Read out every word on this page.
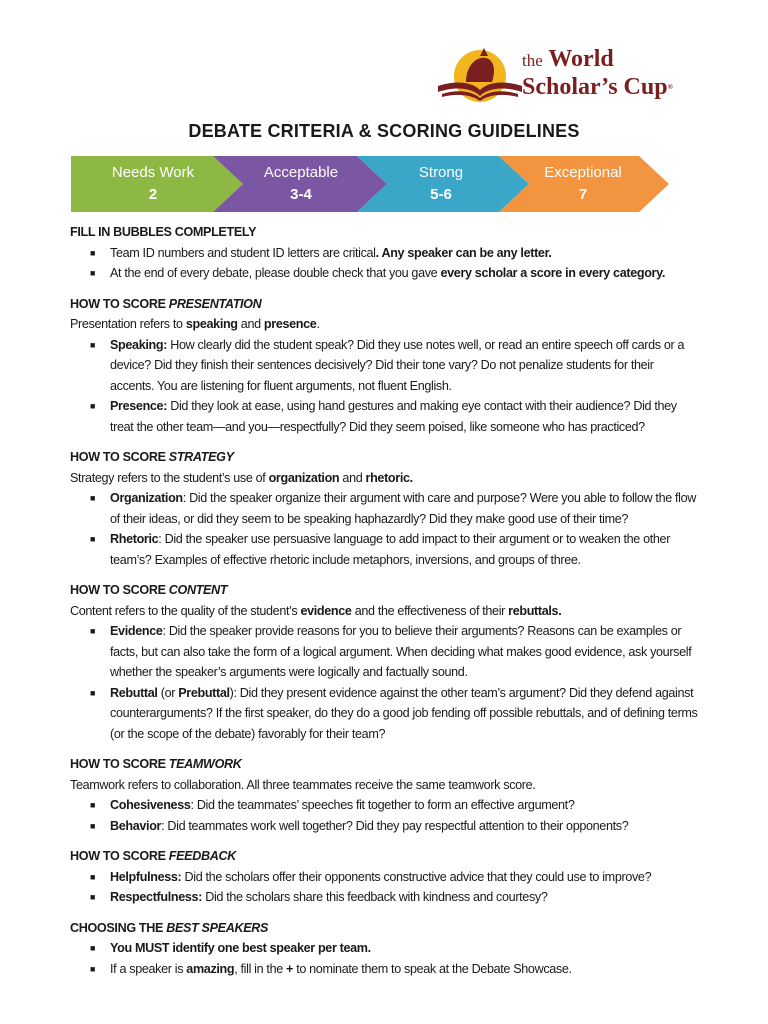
the World
Scholar’s Cup®
DEBATE CRITERIA & SCORING GUIDELINES
Needs Work
2
Acceptable
3-4
Strong
5-6
Exceptional
7

FILL IN BUBBLES COMPLETELY

■ Team ID numbers and student ID letters are critical. Any speaker can be any letter.
■ At the end of every debate, please double check that you gave every scholar a score in every category.

HOW TO SCORE PRESENTATION

Presentation refers to speaking and presence.

■ Speaking: How clearly did the student speak? Did they use notes well, or read an entire speech off cards or a device? Did they finish their sentences decisively? Did their tone vary? Do not penalize students for their accents. You are listening for fluent arguments, not fluent English.
■ Presence: Did they look at ease, using hand gestures and making eye contact with their audience? Did they treat the other team—and you—respectfully? Did they seem poised, like someone who has practiced?

HOW TO SCORE STRATEGY

Strategy refers to the student’s use of organization and rhetoric.

■ Organization: Did the speaker organize their argument with care and purpose? Were you able to follow the flow of their ideas, or did they seem to be speaking haphazardly? Did they make good use of their time?
■ Rhetoric: Did the speaker use persuasive language to add impact to their argument or to weaken the other team’s? Examples of effective rhetoric include metaphors, inversions, and groups of three.

HOW TO SCORE CONTENT

Content refers to the quality of the student’s evidence and the effectiveness of their rebuttals.

■ Evidence: Did the speaker provide reasons for you to believe their arguments? Reasons can be examples or facts, but can also take the form of a logical argument. When deciding what makes good evidence, ask yourself whether the speaker’s arguments were logically and factually sound.
■ Rebuttal (or Prebuttal): Did they present evidence against the other team’s argument? Did they defend against counterarguments? If the first speaker, do they do a good job fending off possible rebuttals, and of defining terms (or the scope of the debate) favorably for their team?

HOW TO SCORE TEAMWORK

Teamwork refers to collaboration. All three teammates receive the same teamwork score.

■ Cohesiveness: Did the teammates’ speeches fit together to form an effective argument?
■ Behavior: Did teammates work well together? Did they pay respectful attention to their opponents?

HOW TO SCORE FEEDBACK

■ Helpfulness: Did the scholars offer their opponents constructive advice that they could use to improve?
■ Respectfulness: Did the scholars share this feedback with kindness and courtesy?

CHOOSING THE BEST SPEAKERS

■ You MUST identify one best speaker per team.
■ If a speaker is amazing, fill in the + to nominate them to speak at the Debate Showcase.
